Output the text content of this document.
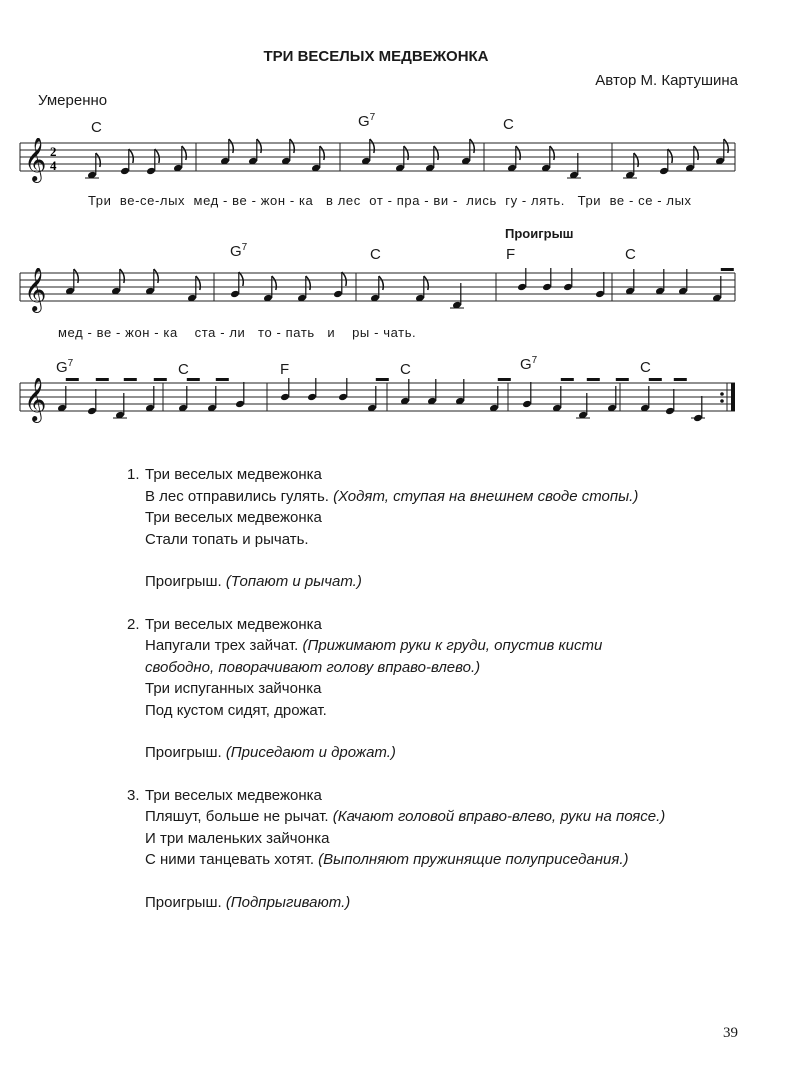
ТРИ ВЕСЕЛЫХ МЕДВЕЖОНКА
Автор М. Картушина
Умеренно
C	$G^7$	C
Проигрыш
$G^7$	C	F	C
$G^7$	C	F	C	$G^7$	C
𝄞 2
4
Три  ве-се-лых  мед - ве - жон - ка   в лес  от - пра - ви -  лись  гу - лять.   Три  ве - се - лых
𝄞
мед - ве - жон - ка    ста - ли   то - пать   и    ры - чать.
𝄞
1. Три веселых медвежонка
В лес отправились гулять. (Ходят, ступая на внешнем своде стопы.)
Три веселых медвежонка
Стали топать и рычать.
Проигрыш. (Топают и рычат.)
2. Три веселых медвежонка
Напугали трех зайчат. (Прижимают руки к груди, опустив кисти
свободно, поворачивают голову вправо-влево.)
Три испуганных зайчонка
Под кустом сидят, дрожат.
Проигрыш. (Приседают и дрожат.)
3. Три веселых медвежонка
Пляшут, больше не рычат. (Качают головой вправо-влево, руки на поясе.)
И три маленьких зайчонка
С ними танцевать хотят. (Выполняют пружинящие полуприседания.)
Проигрыш. (Подпрыгивают.)
39
